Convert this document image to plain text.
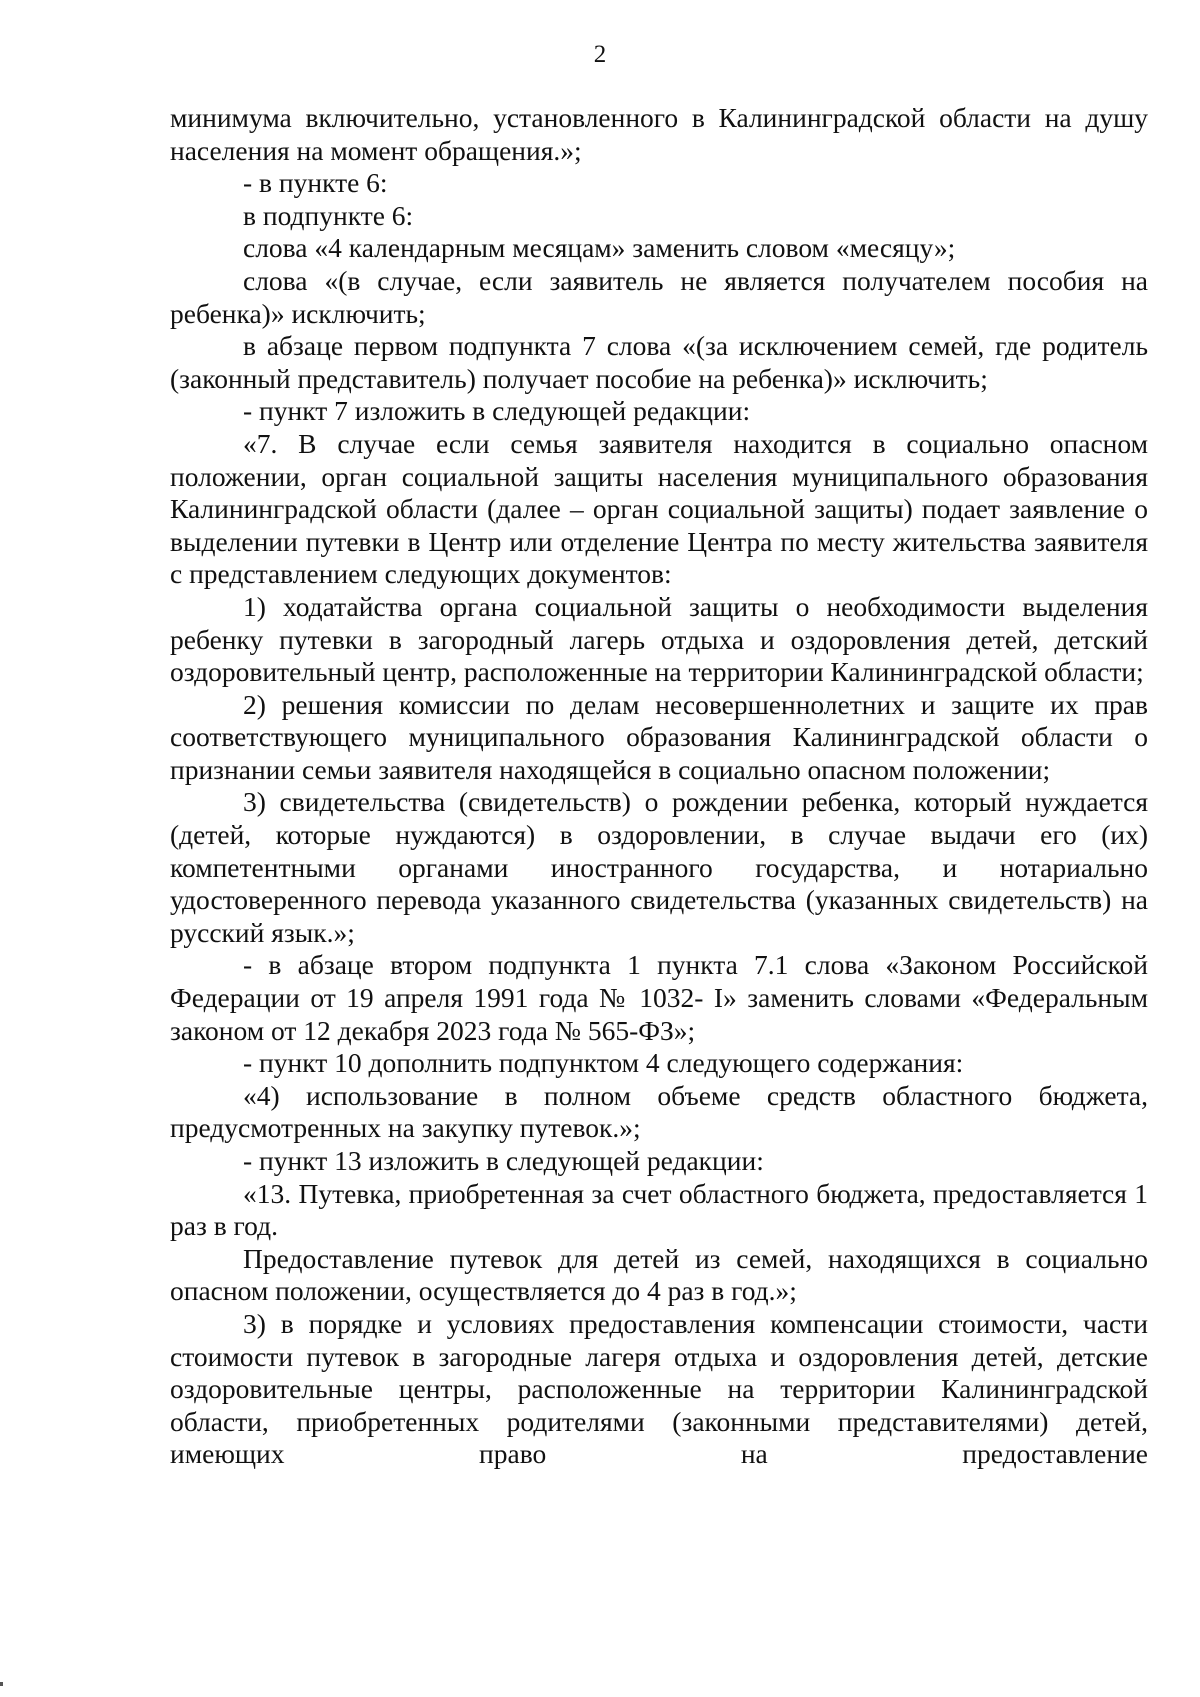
2

минимума включительно, установленного в Калининградской области на душу населения на момент обращения.»;

- в пункте 6:

в подпункте 6:

слова «4 календарным месяцам» заменить словом «месяцу»;

слова «(в случае, если заявитель не является получателем пособия на ребенка)» исключить;

в абзаце первом подпункта 7 слова «(за исключением семей, где родитель (законный представитель) получает пособие на ребенка)» исключить;

- пункт 7 изложить в следующей редакции:

«7. В случае если семья заявителя находится в социально опасном положении, орган социальной защиты населения муниципального образования Калининградской области (далее – орган социальной защиты) подает заявление о выделении путевки в Центр или отделение Центра по месту жительства заявителя с представлением следующих документов:

1) ходатайства органа социальной защиты о необходимости выделения ребенку путевки в загородный лагерь отдыха и оздоровления детей, детский оздоровительный центр, расположенные на территории Калининградской области;

2) решения комиссии по делам несовершеннолетних и защите их прав соответствующего муниципального образования Калининградской области о признании семьи заявителя находящейся в социально опасном положении;

3) свидетельства (свидетельств) о рождении ребенка, который нуждается (детей, которые нуждаются) в оздоровлении, в случае выдачи его (их) компетентными органами иностранного государства, и нотариально удостоверенного перевода указанного свидетельства (указанных свидетельств) на русский язык.»;

- в абзаце втором подпункта 1 пункта 7.1 слова «Законом Российской Федерации от 19 апреля 1991 года № 1032- I» заменить словами «Федеральным законом от 12 декабря 2023 года № 565-ФЗ»;

- пункт 10 дополнить подпунктом 4 следующего содержания:

«4) использование в полном объеме средств областного бюджета, предусмотренных на закупку путевок.»;

- пункт 13 изложить в следующей редакции:

«13. Путевка, приобретенная за счет областного бюджета, предоставляется 1 раз в год.

Предоставление путевок для детей из семей, находящихся в социально опасном положении, осуществляется до 4 раз в год.»;

3) в порядке и условиях предоставления компенсации стоимости, части стоимости путевок в загородные лагеря отдыха и оздоровления детей, детские оздоровительные центры, расположенные на территории Калининградской области, приобретенных родителями (законными представителями) детей, имеющих право на предоставление
